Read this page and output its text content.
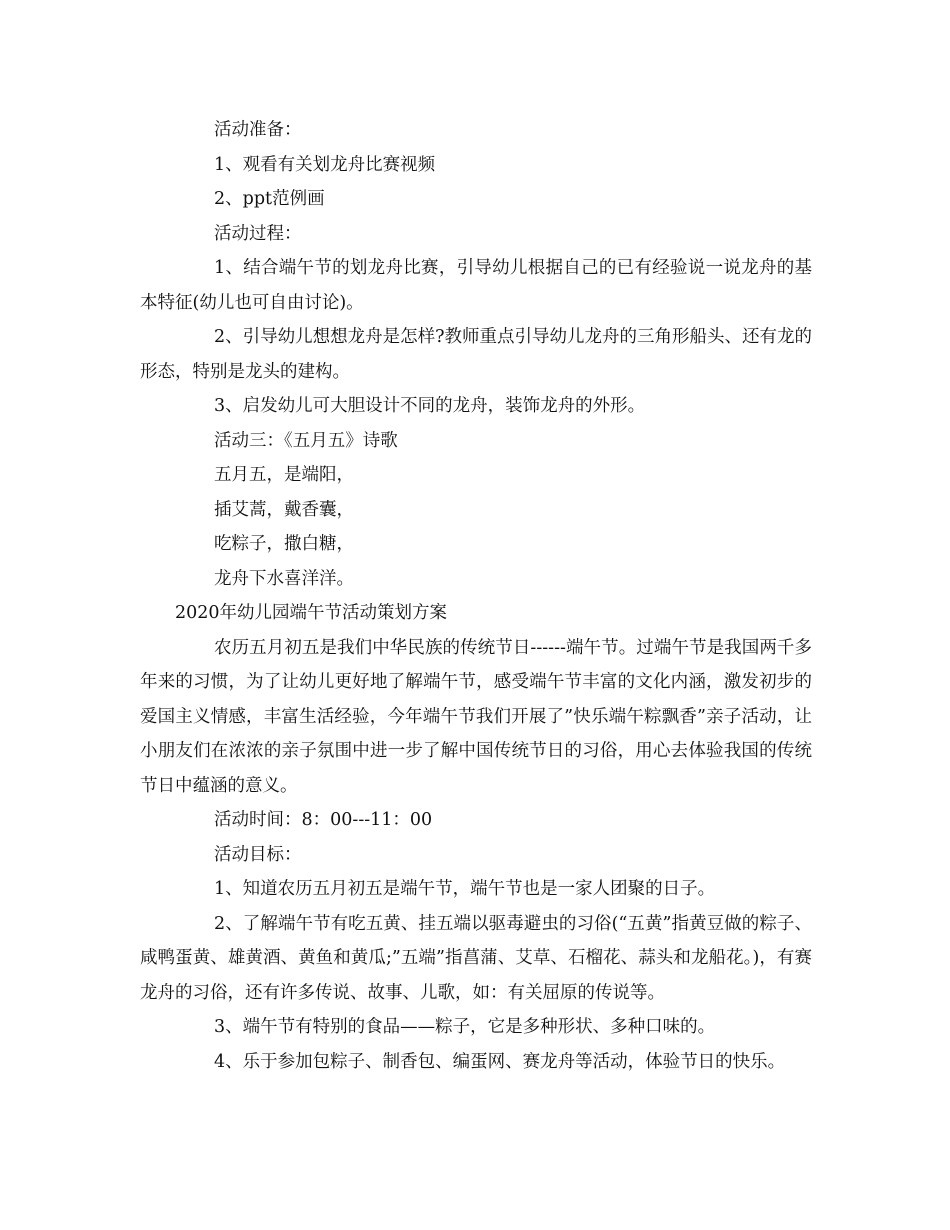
活动准备：

1、观看有关划龙舟比赛视频

2、ppt范例画

活动过程：

1、结合端午节的划龙舟比赛，引导幼儿根据自己的已有经验说一说龙舟的基本特征(幼儿也可自由讨论)。

2、引导幼儿想想龙舟是怎样?教师重点引导幼儿龙舟的三角形船头、还有龙的形态，特别是龙头的建构。

3、启发幼儿可大胆设计不同的龙舟，装饰龙舟的外形。

活动三：《五月五》诗歌

五月五，是端阳，

插艾蒿，戴香囊，

吃粽子，撒白糖，

龙舟下水喜洋洋。

2020年幼儿园端午节活动策划方案

农历五月初五是我们中华民族的传统节日------端午节。过端午节是我国两千多年来的习惯，为了让幼儿更好地了解端午节，感受端午节丰富的文化内涵，激发初步的爱国主义情感，丰富生活经验，今年端午节我们开展了”快乐端午粽飘香”亲子活动，让小朋友们在浓浓的亲子氛围中进一步了解中国传统节日的习俗，用心去体验我国的传统节日中蕴涵的意义。

活动时间：8：00---11：00

活动目标：

1、知道农历五月初五是端午节，端午节也是一家人团聚的日子。

2、了解端午节有吃五黄、挂五端以驱毒避虫的习俗(“五黄”指黄豆做的粽子、咸鸭蛋黄、雄黄酒、黄鱼和黄瓜;”五端”指菖蒲、艾草、石榴花、蒜头和龙船花。)，有赛龙舟的习俗，还有许多传说、故事、儿歌，如：有关屈原的传说等。

3、端午节有特别的食品——粽子，它是多种形状、多种口味的。

4、乐于参加包粽子、制香包、编蛋网、赛龙舟等活动，体验节日的快乐。
